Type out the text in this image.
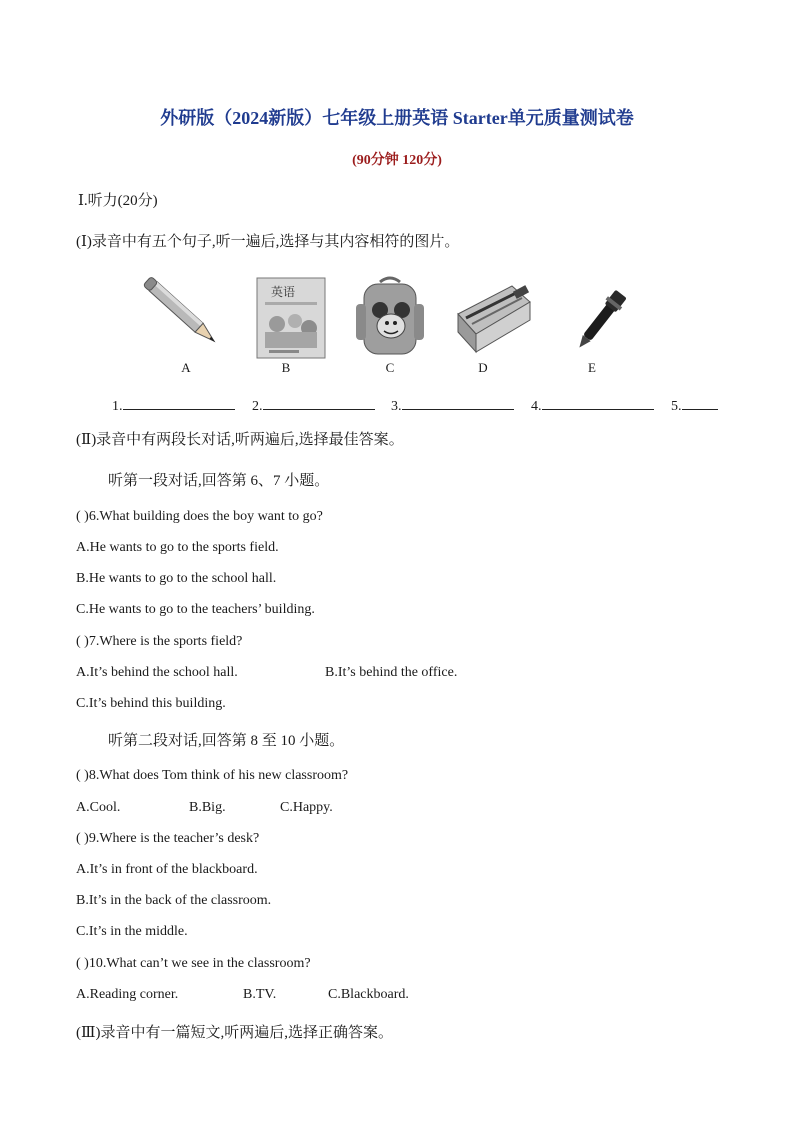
外研版（2024新版）七年级上册英语 Starter单元质量测试卷
(90分钟 120分)
Ⅰ.听力(20分)
(Ⅰ)录音中有五个句子,听一遍后,选择与其内容相符的图片。
英语
A	B	C	D	E
1.	2.	3.	4.	5.
(Ⅱ)录音中有两段长对话,听两遍后,选择最佳答案。
听第一段对话,回答第 6、7 小题。
( )6.What building does the boy want to go?
A.He wants to go to the sports field.
B.He wants to go to the school hall.
C.He wants to go to the teachers’ building.
( )7.Where is the sports field?
A.It’s behind the school hall.	B.It’s behind the office.
C.It’s behind this building.
听第二段对话,回答第 8 至 10 小题。
( )8.What does Tom think of his new classroom?
A.Cool.	B.Big.	C.Happy.
( )9.Where is the teacher’s desk?
A.It’s in front of the blackboard.
B.It’s in the back of the classroom.
C.It’s in the middle.
( )10.What can’t we see in the classroom?
A.Reading corner.	B.TV.	C.Blackboard.
(Ⅲ)录音中有一篇短文,听两遍后,选择正确答案。
